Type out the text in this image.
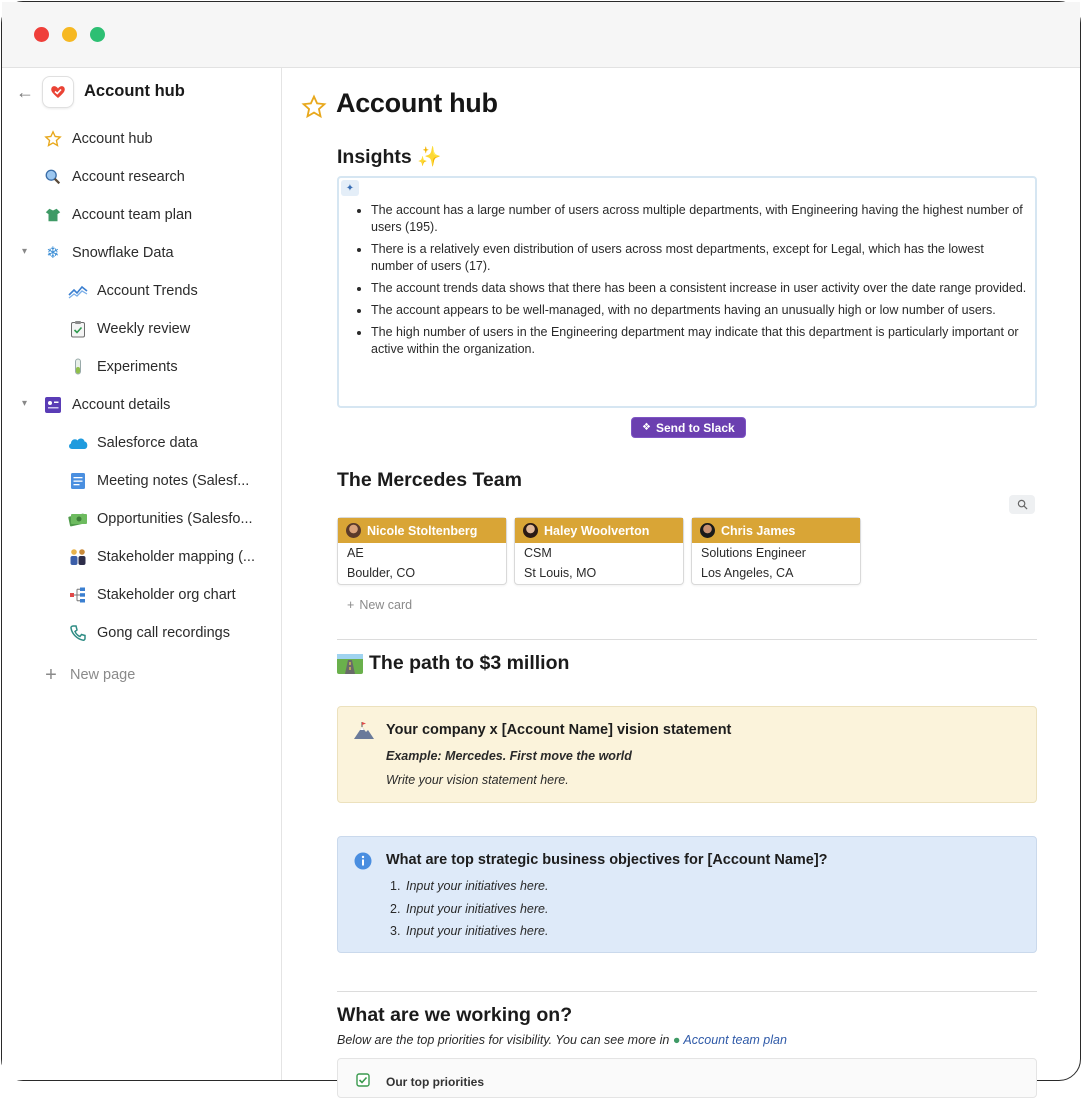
←	Account hub
Account hub
Account research
Account team plan
▾ ❄ Snowflake Data
Account Trends
Weekly review
Experiments
▾	Account details
Salesforce data
Meeting notes (Salesf...
Opportunities (Salesfo...
Stakeholder mapping (...
Stakeholder org chart
Gong call recordings
+ New page
Account hub
Insights ✨
✦
• The account has a large number of users across multiple departments, with Engineering having the highest number of users (195).
• There is a relatively even distribution of users across most departments, except for Legal, which has the lowest number of users (17).
• The account trends data shows that there has been a consistent increase in user activity over the date range provided.
• The account appears to be well-managed, with no departments having an unusually high or low number of users.
• The high number of users in the Engineering department may indicate that this department is particularly important or active within the organization.
❖ Send to Slack
The Mercedes Team
Nicole Stoltenberg
AE
Boulder, CO
Haley Woolverton
CSM
St Louis, MO
Chris James
Solutions Engineer
Los Angeles, CA
+ New card
The path to $3 million
Your company x [Account Name] vision statement
Example: Mercedes. First move the world
Write your vision statement here.
What are top strategic business objectives for [Account Name]?
1. Input your initiatives here.
2. Input your initiatives here.
3. Input your initiatives here.
What are we working on?
Below are the top priorities for visibility. You can see more in ● Account team plan
Our top priorities
